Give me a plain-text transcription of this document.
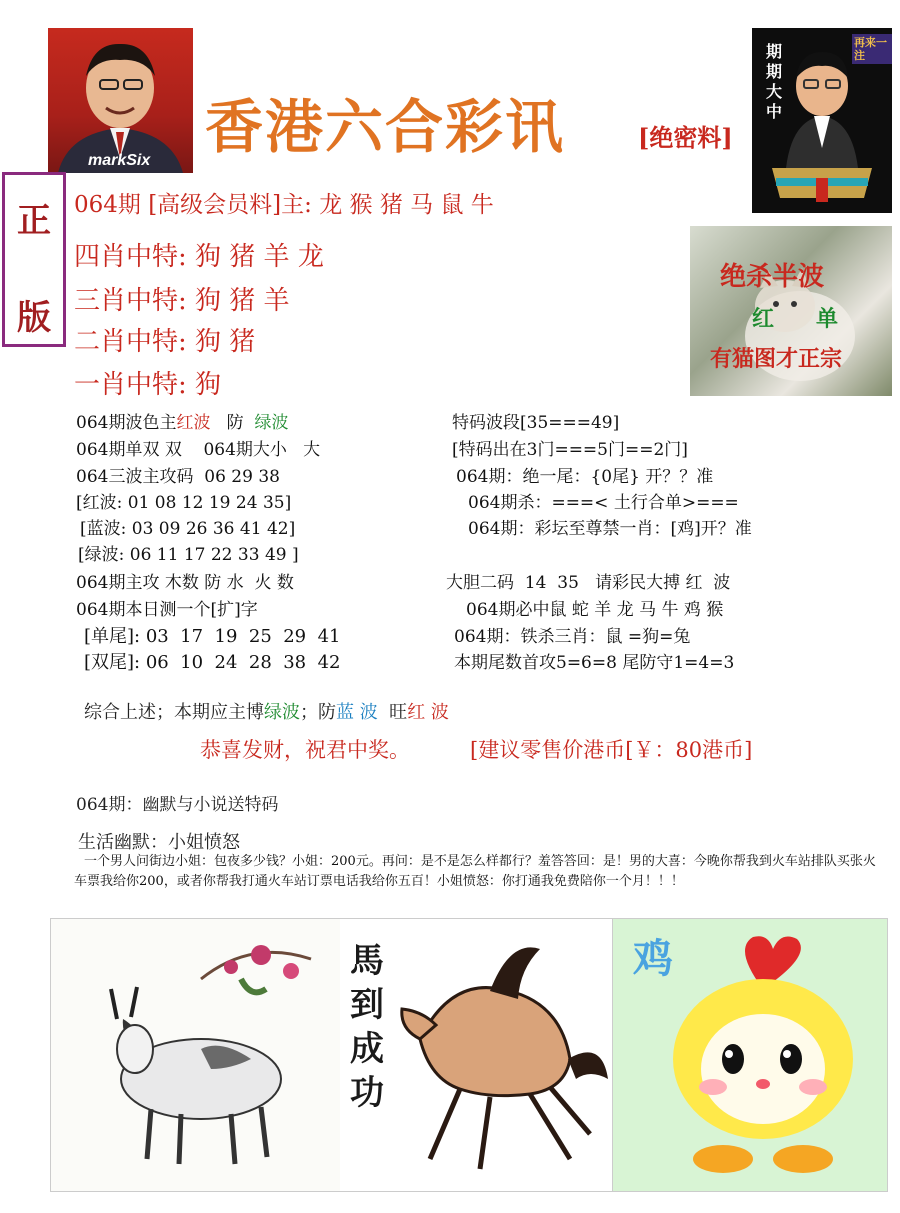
markSix 香港六合彩讯	[绝密料]
期期大中
再来一注
正
版
绝杀半波
红 单
有猫图才正宗
064期 [高级会员料]主: 龙 猴 猪 马 鼠 牛
四肖中特: 狗 猪 羊 龙
三肖中特: 狗 猪 羊
二肖中特: 狗 猪
一肖中特: 狗
064期波色主红波   防  绿波
064期单双 双    064期大小   大
064三波主攻码  06 29 38
[红波: 01 08 12 19 24 35]
[蓝波: 03 09 26 36 41 42]
[绿波: 06 11 17 22 33 49 ]
064期主攻 木数 防 水  火 数
064期本日测一个[扩]字
[单尾]: 03  17  19  25  29  41
[双尾]: 06  10  24  28  38  42
特码波段[35===49]
[特码出在3门===5门==2门]
064期：绝一尾：{0尾} 开？？准
064期杀：===< 土行合单>===
064期：彩坛至尊禁一肖：[鸡]开？准
大胆二码  14  35   请彩民大搏 红  波
064期必中鼠 蛇 羊 龙 马 牛 鸡 猴
064期：铁杀三肖：鼠 =狗=兔
本期尾数首攻5=6=8 尾防守1=4=3
综合上述；本期应主博绿波；防蓝 波  旺红 波
恭喜发财，祝君中奖。	[建议零售价港币[￥：80港币]
064期：幽默与小说送特码
生活幽默：小姐愤怒
一个男人问街边小姐：包夜多少钱？小姐：200元。再问：是不是怎么样都行？羞答答回：是！男的大喜：今晚你帮我到火车站排队买张火车票我给你200，或者你帮我打通火车站订票电话我给你五百！小姐愤怒：你打通我免费陪你一个月！！！
馬
到
成
功
鸡
